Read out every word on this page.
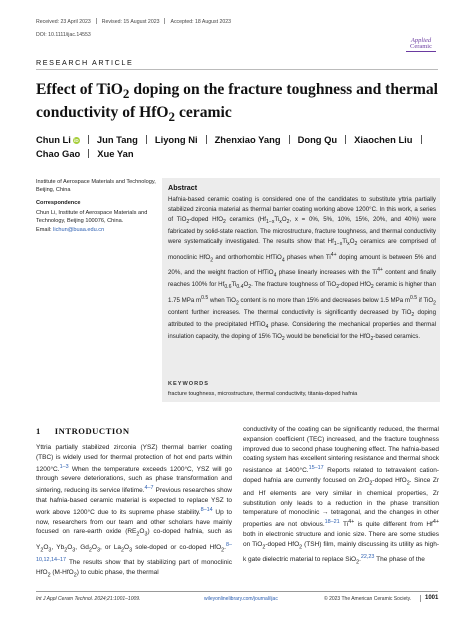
Received: 23 April 2023 Revised: 15 August 2023 Accepted: 18 August 2023
DOI: 10.1111/ijac.14553
Applied
Ceramic
RESEARCH ARTICLE
Effect of TiO$_2$ doping on the fracture toughness and thermal conductivity of HfO$_2$ ceramic
Chun Li iD Jun Tang Liyong Ni Zhenxiao Yang Dong Qu Xiaochen Liu
Chao Gao Xue Yan
Institute of Aerospace Materials and Technology, Beijing, China
Correspondence
Chun Li, Institute of Aerospace Materials and Technology, Beijing 100076, China.
Email: lichun@buaa.edu.cn
Abstract
Hafnia-based ceramic coating is considered one of the candidates to substitute yttria partially stabilized zirconia material as thermal barrier coating working above 1200°C. In this work, a series of TiO$_2$-doped HfO$_2$ ceramics ($Hf_{1-x}Ti_xO_2$, x = 0%, 5%, 10%, 15%, 20%, and 40%) were fabricated by solid-state reaction. The microstructure, fracture toughness, and thermal conductivity were systematically investigated. The results show that $Hf_{1-x}Ti_xO_2$ ceramics are comprised of monoclinic HfO$_2$ and orthorhombic HfTiO$_4$ phases when $Ti^{4+}$ doping amount is between 5% and 20%, and the weight fraction of HfTiO$_4$ phase linearly increases with the $Ti^{4+}$ content and finally reaches 100% for $Hf_{0.6}Ti_{0.4}O_2$. The fracture toughness of TiO$_2$-doped HfO$_2$ ceramic is higher than 1.75 MPa $m^{0.5}$ when TiO$_2$ content is no more than 15% and decreases below 1.5 MPa $m^{0.5}$ if TiO$_2$ content further increases. The thermal conductivity is significantly decreased by TiO$_2$ doping attributed to the precipitated HfTiO$_4$ phase. Considering the mechanical properties and thermal insulation capacity, the doping of 15% TiO$_2$ would be beneficial for the HfO$_2$-based ceramics.
KEYWORDS
fracture toughness, microstructure, thermal conductivity, titania-doped hafnia
1 INTRODUCTION
Yttria partially stabilized zirconia (YSZ) thermal barrier coating (TBC) is widely used for thermal protection of hot end parts within 1200°C.$^{1-3}$ When the temperature exceeds 1200°C, YSZ will go through severe deteriorations, such as phase transformation and sintering, reducing its service lifetime.$^{4-7}$ Previous researches show that hafnia-based ceramic material is expected to replace YSZ to work above 1200°C due to its supreme phase stability.$^{8-14}$ Up to now, researchers from our team and other scholars have mainly focused on rare-earth oxide $(RE_2O_3)$ co-doped hafnia, such as $Y_2O_3$, $Yb_2O_3$, $Gd_2O_3$, or $La_2O_3$ sole-doped or co-doped HfO$_2$.$^{8-10,12,14-17}$ The results show that by stabilizing part of monoclinic HfO$_2$ (M-HfO$_2$) to cubic phase, the thermal
conductivity of the coating can be significantly reduced, the thermal expansion coefficient (TEC) increased, and the fracture toughness improved due to second phase toughening effect. The hafnia-based coating system has excellent sintering resistance and thermal shock resistance at 1400°C.$^{15-17}$ Reports related to tetravalent cation-doped hafnia are currently focused on ZrO$_2$-doped HfO$_2$. Since Zr and Hf elements are very similar in chemical properties, Zr substitution only leads to a reduction in the phase transition temperature of monoclinic → tetragonal, and the changes in other properties are not obvious.$^{18-21}$ $Ti^{4+}$ is quite different from $Hf^{4+}$ both in electronic structure and ionic size. There are some studies on TiO$_2$-doped HfO$_2$ (TSH) film, mainly discussing its utility as high-k gate dielectric material to replace SiO$_2$.$^{22,23}$ The phase of the
Int J Appl Ceram Technol. 2024;21:1001–1009.	wileyonlinelibrary.com/journal/ijac	© 2023 The American Ceramic Society. 1001
